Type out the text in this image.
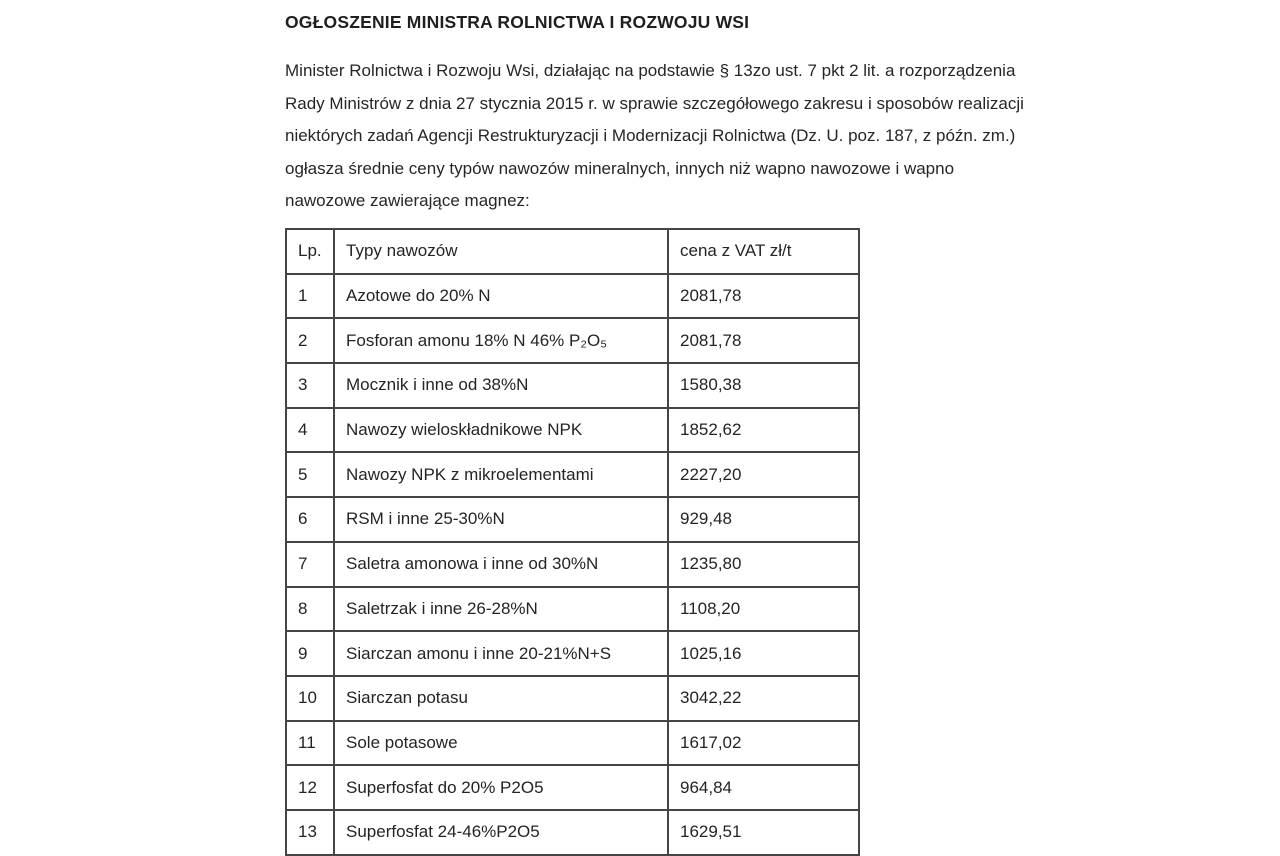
OGŁOSZENIE MINISTRA ROLNICTWA I ROZWOJU WSI
Minister Rolnictwa i Rozwoju Wsi, działając na podstawie § 13zo ust. 7 pkt 2 lit. a rozporządzenia
Rady Ministrów z dnia 27 stycznia 2015 r. w sprawie szczegółowego zakresu i sposobów realizacji
niektórych zadań Agencji Restrukturyzacji i Modernizacji Rolnictwa (Dz. U. poz. 187, z późn. zm.)
ogłasza średnie ceny typów nawozów mineralnych, innych niż wapno nawozowe i wapno
nawozowe zawierające magnez:
Lp.	Typy nawozów	cena z VAT zł/t
1	Azotowe do 20% N	2081,78
2	Fosforan amonu 18% N 46% P₂O₅	2081,78
3	Mocznik i inne od 38%N	1580,38
4	Nawozy wieloskładnikowe NPK	1852,62
5	Nawozy NPK z mikroelementami	2227,20
6	RSM i inne 25-30%N	929,48
7	Saletra amonowa i inne od 30%N	1235,80
8	Saletrzak i inne 26-28%N	1108,20
9	Siarczan amonu i inne 20-21%N+S	1025,16
10	Siarczan potasu	3042,22
11	Sole potasowe	1617,02
12	Superfosfat do 20% P2O5	964,84
13	Superfosfat 24-46%P2O5	1629,51
